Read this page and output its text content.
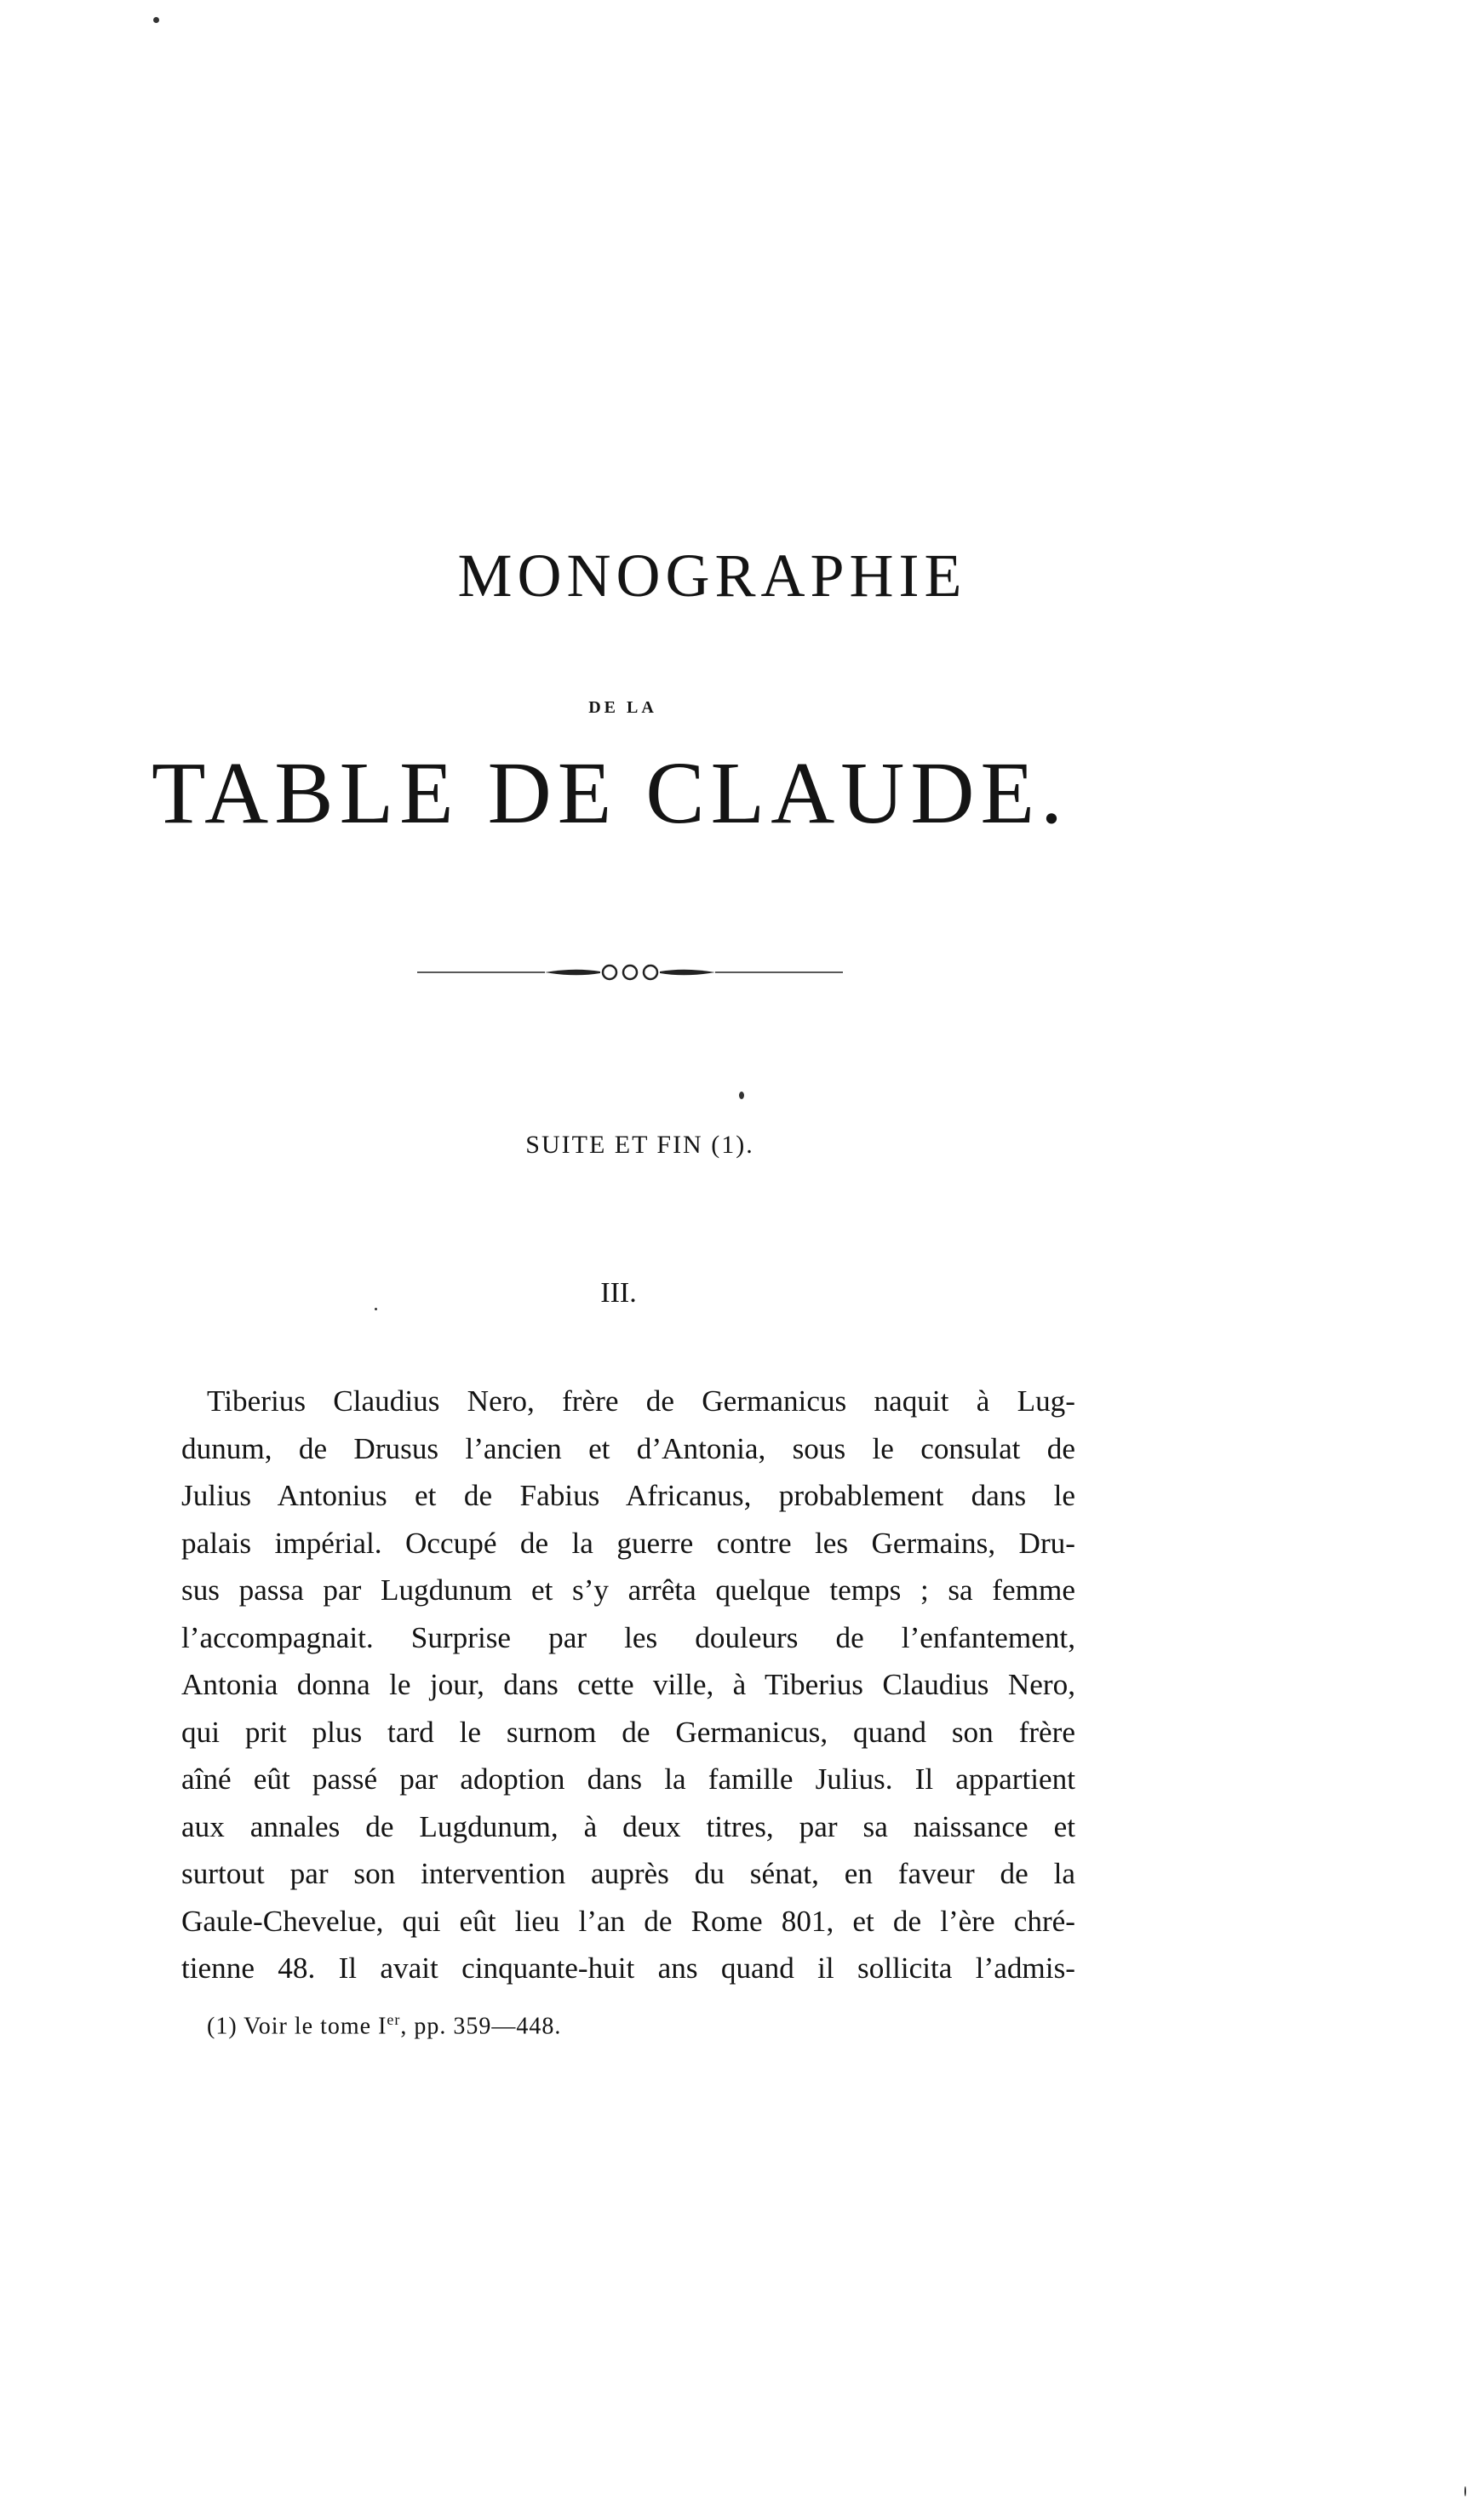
MONOGRAPHIE
DE LA
TABLE DE CLAUDE.
SUITE ET FIN (1).
III.
Tiberius Claudius Nero, frère de Germanicus naquit à Lug-
dunum, de Drusus l’ancien et d’Antonia, sous le consulat de
Julius Antonius et de Fabius Africanus, probablement dans le
palais impérial. Occupé de la guerre contre les Germains, Dru-
sus passa par Lugdunum et s’y arrêta quelque temps ; sa femme
l’accompagnait. Surprise par les douleurs de l’enfantement,
Antonia donna le jour, dans cette ville, à Tiberius Claudius Nero,
qui prit plus tard le surnom de Germanicus, quand son frère
aîné eût passé par adoption dans la famille Julius. Il appartient
aux annales de Lugdunum, à deux titres, par sa naissance et
surtout par son intervention auprès du sénat, en faveur de la
Gaule-Chevelue, qui eût lieu l’an de Rome 801, et de l’ère chré-
tienne 48. Il avait cinquante-huit ans quand il sollicita l’admis-
(1) Voir le tome Ier, pp. 359—448.
